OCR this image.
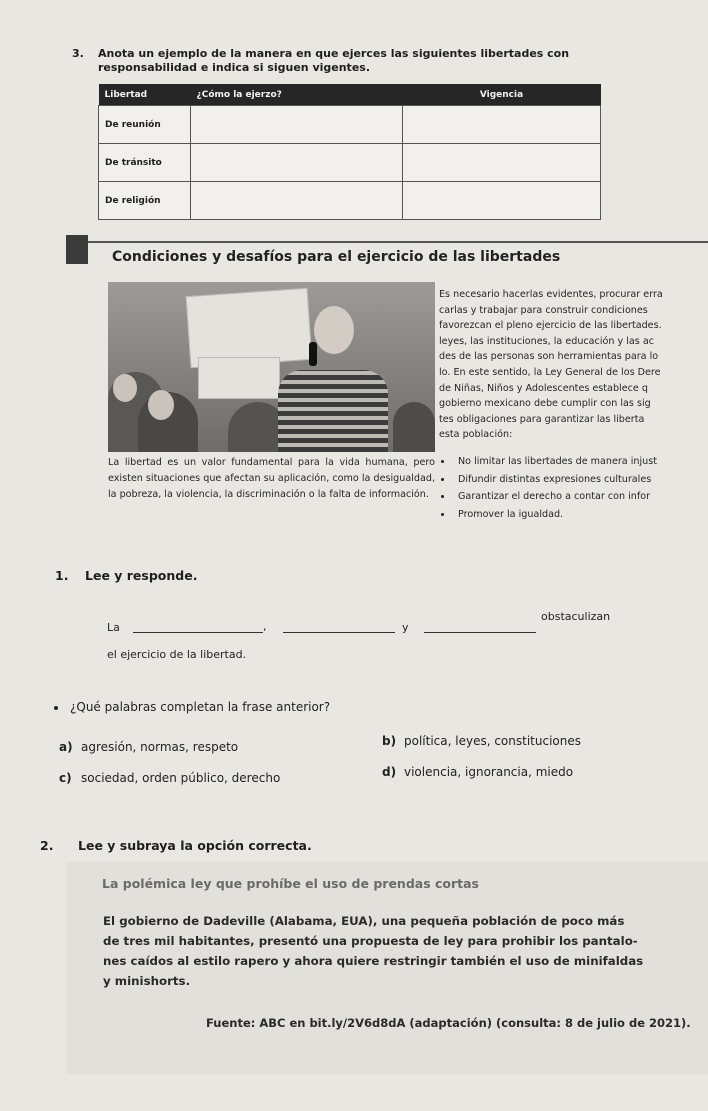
3.	Anota un ejemplo de la manera en que ejerces las siguientes libertades con responsabilidad e indica si siguen vigentes.
Libertad	¿Cómo la ejerzo?	Vigencia
De reunión		
De tránsito		
De religión		
Condiciones y desafíos para el ejercicio de las libertades
Es necesario hacerlas evidentes, procurar erra
carlas y trabajar para construir condiciones
favorezcan el pleno ejercicio de las libertades.
leyes, las instituciones, la educación y las ac
des de las personas son herramientas para lo
lo. En este sentido, la Ley General de los Dere
de Niñas, Niños y Adolescentes establece q
gobierno mexicano debe cumplir con las sig
tes obligaciones para garantizar las liberta
esta población:
La libertad es un valor fundamental para la vida humana, pero existen situaciones que afectan su aplicación, como la desigualdad, la pobreza, la violencia, la discriminación o la falta de información.
No limitar las libertades de manera injust
Difundir distintas expresiones culturales
Garantizar el derecho a contar con infor
Promover la igualdad.
1. Lee y responde.
La	,	y
obstaculizan
el ejercicio de la libertad.
¿Qué palabras completan la frase anterior?
a) agresión, normas, respeto	b) política, leyes, constituciones
c) sociedad, orden público, derecho	d) violencia, ignorancia, miedo
2. Lee y subraya la opción correcta.
La polémica ley que prohíbe el uso de prendas cortas
El gobierno de Dadeville (Alabama, EUA), una pequeña población de poco más
de tres mil habitantes, presentó una propuesta de ley para prohibir los pantalo-
nes caídos al estilo rapero y ahora quiere restringir también el uso de minifaldas
y minishorts.
Fuente: ABC en bit.ly/2V6d8dA (adaptación) (consulta: 8 de julio de 2021).
